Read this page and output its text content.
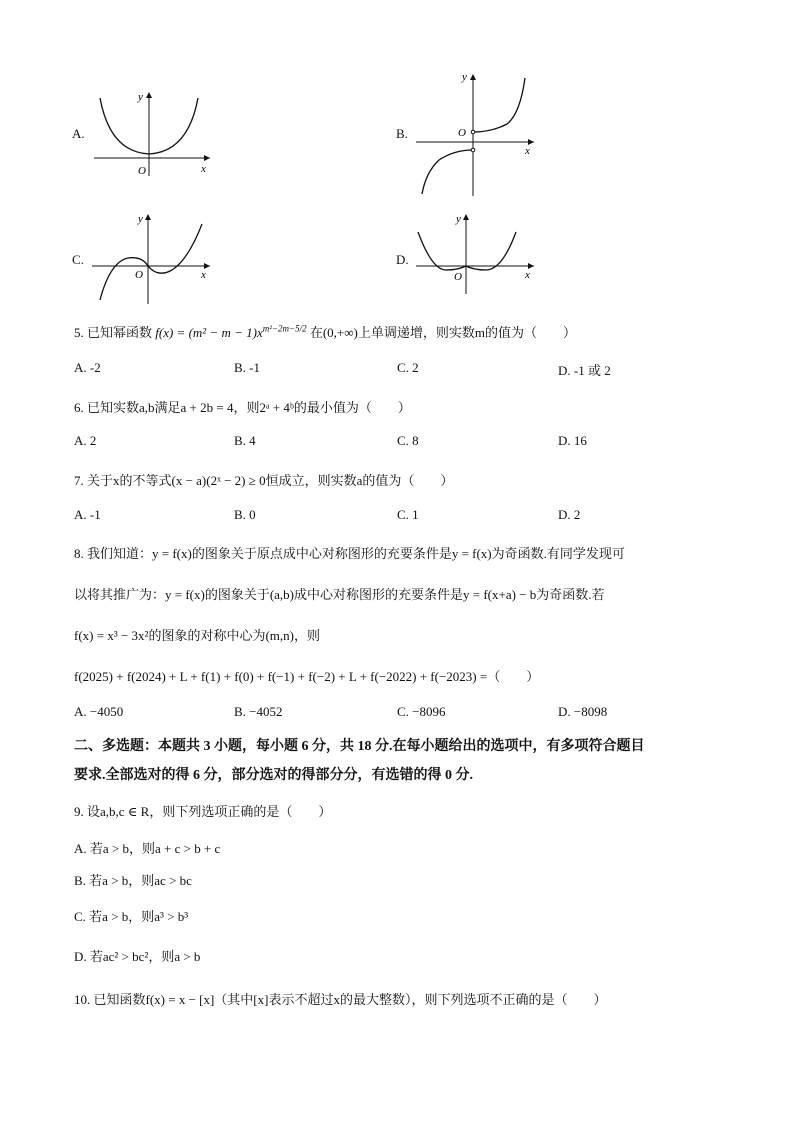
A.
y
x
O
B.
y
x
O
C.
y
x
O
D.
y
x
O
5. 已知幂函数 $f(x) = (m^2 - m - 1)x^{m^2-2m-5/2}$ 在(0,+∞)上单调递增，则实数m的值为（　　）
A. -2	B. -1	C. 2	D. -1 或 2
6. 已知实数a,b满足a + 2b = 4，则2ᵃ + 4ᵇ的最小值为（　　）
A. 2	B. 4	C. 8	D. 16
7. 关于x的不等式(x − a)(2ˣ − 2) ≥ 0恒成立，则实数a的值为（　　）
A. -1	B. 0	C. 1	D. 2
8. 我们知道：y = f(x)的图象关于原点成中心对称图形的充要条件是y = f(x)为奇函数.有同学发现可
以将其推广为：y = f(x)的图象关于(a,b)成中心对称图形的充要条件是y = f(x+a) − b为奇函数.若
f(x) = x³ − 3x²的图象的对称中心为(m,n)，则
f(2025) + f(2024) + L + f(1) + f(0) + f(−1) + f(−2) + L + f(−2022) + f(−2023) =（　　）
A. −4050	B. −4052	C. −8096	D. −8098
二、多选题：本题共 3 小题，每小题 6 分，共 18 分.在每小题给出的选项中，有多项符合题目
要求.全部选对的得 6 分，部分选对的得部分分，有选错的得 0 分.
9. 设a,b,c ∈ R，则下列选项正确的是（　　）
A. 若a > b，则a + c > b + c
B. 若a > b，则ac > bc
C. 若a > b，则a³ > b³
D. 若ac² > bc²，则a > b
10. 已知函数f(x) = x − [x]（其中[x]表示不超过x的最大整数），则下列选项不正确的是（　　）
